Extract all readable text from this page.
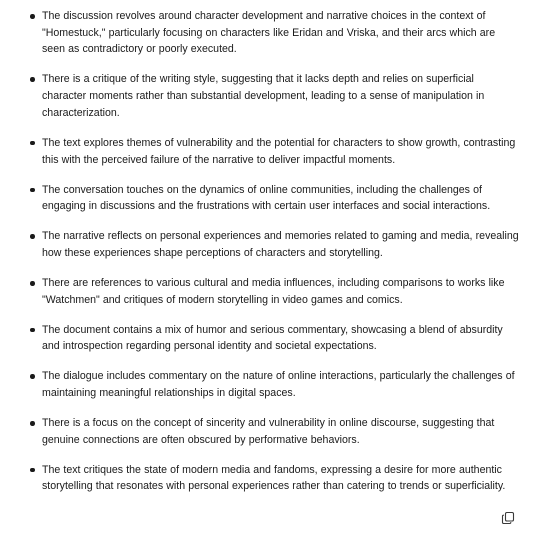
The discussion revolves around character development and narrative choices in the context of "Homestuck," particularly focusing on characters like Eridan and Vriska, and their arcs which are seen as contradictory or poorly executed.
There is a critique of the writing style, suggesting that it lacks depth and relies on superficial character moments rather than substantial development, leading to a sense of manipulation in characterization.
The text explores themes of vulnerability and the potential for characters to show growth, contrasting this with the perceived failure of the narrative to deliver impactful moments.
The conversation touches on the dynamics of online communities, including the challenges of engaging in discussions and the frustrations with certain user interfaces and social interactions.
The narrative reflects on personal experiences and memories related to gaming and media, revealing how these experiences shape perceptions of characters and storytelling.
There are references to various cultural and media influences, including comparisons to works like "Watchmen" and critiques of modern storytelling in video games and comics.
The document contains a mix of humor and serious commentary, showcasing a blend of absurdity and introspection regarding personal identity and societal expectations.
The dialogue includes commentary on the nature of online interactions, particularly the challenges of maintaining meaningful relationships in digital spaces.
There is a focus on the concept of sincerity and vulnerability in online discourse, suggesting that genuine connections are often obscured by performative behaviors.
The text critiques the state of modern media and fandoms, expressing a desire for more authentic storytelling that resonates with personal experiences rather than catering to trends or superficiality.
